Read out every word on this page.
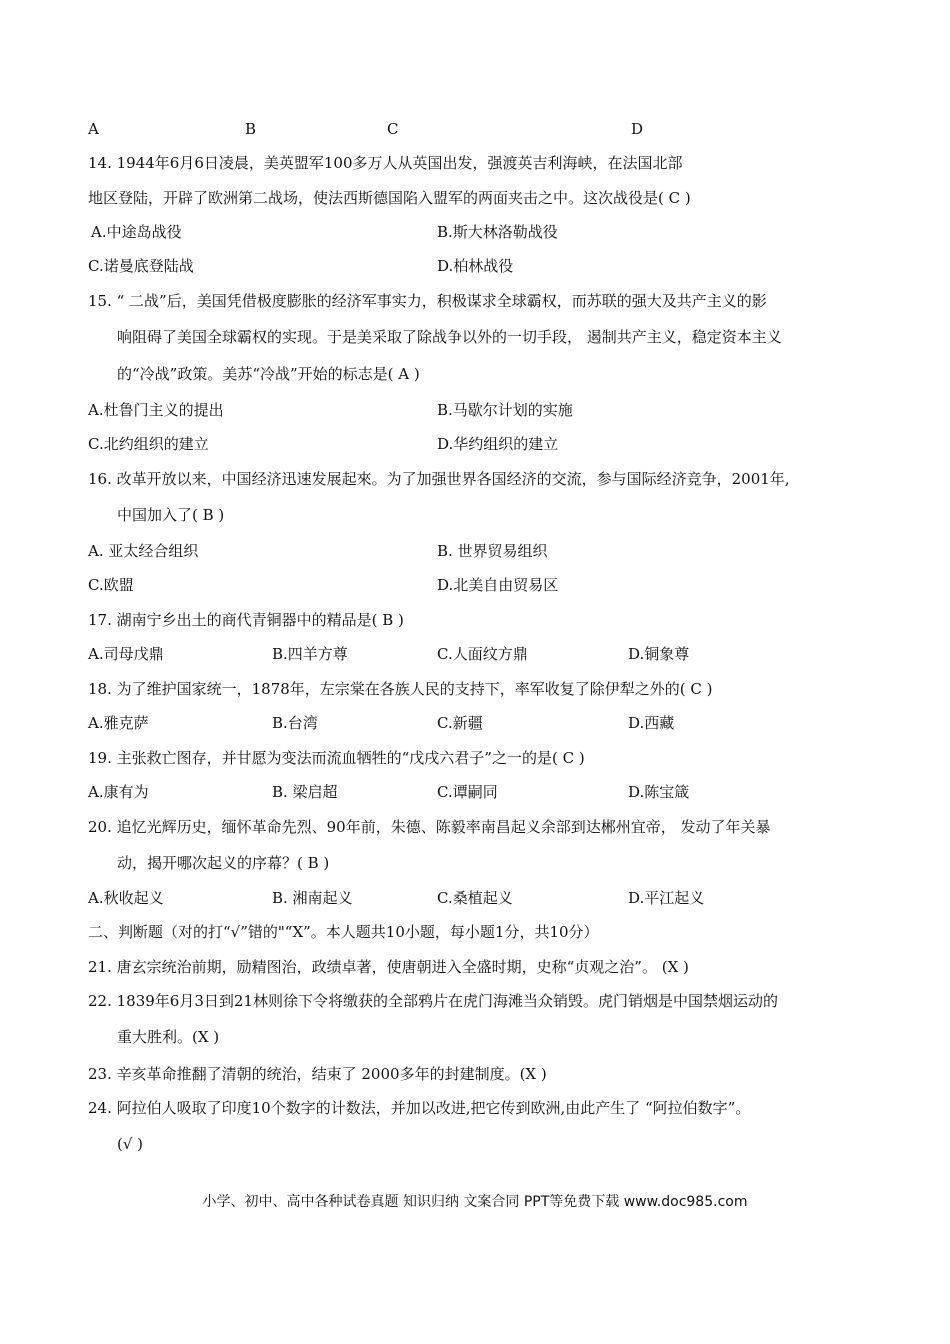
A	B	C	D
14. 1944年6月6日凌晨，美英盟军100多万人从英国出发，强渡英吉利海峡，在法国北部
地区登陆，开辟了欧洲第二战场，使法西斯德国陷入盟军的两面夹击之中。这次战役是( C )
A.中途岛战役	B.斯大林洛勒战役
C.诺曼底登陆战	D.柏林战役
15. “ 二战”后，美国凭借极度膨胀的经济军事实力，积极谋求全球霸权，而苏联的强大及共产主义的影
响阻碍了美国全球霸权的实现。于是美采取了除战争以外的一切手段， 遏制共产主义，稳定资本主义
的“冷战”政策。美苏“冷战”开始的标志是( A )
A.杜鲁门主义的提出	B.马歇尔计划的实施
C.北约组织的建立	D.华约组织的建立
16. 改革开放以来，中国经济迅速发展起來。为了加强世界各国经济的交流，参与国际经济竞争，2001年,
中国加入了( B )
A. 亚太经合组织	B. 世界贸易组织
C.欧盟	D.北美自由贸易区
17. 湖南宁乡出土的商代青铜器中的精品是( B )
A.司母戊鼎	B.四羊方尊	C.人面纹方鼎	D.铜象尊
18. 为了维护国家统一，1878年，左宗棠在各族人民的支持下，率军收复了除伊犁之外的( C )
A.雅克萨	B.台湾	C.新疆	D.西藏
19. 主张救亡图存，并甘愿为变法而流血牺牲的“戊戌六君子”之一的是( C )
A.康有为	B. 梁启超	C.谭嗣同	D.陈宝箴
20. 追忆光辉历史，缅怀革命先烈、90年前，朱德、陈毅率南昌起义余部到达郴州宜帝， 发动了年关暴
动，揭开哪次起义的序幕？( B )
A.秋收起义	B. 湘南起义	C.桑植起义	D.平江起义
二、判断题（对的打“√”错的"“X”。本人题共10小题，每小题1分，共10分）
21. 唐玄宗统治前期，励精图治，政绩卓著，使唐朝进入全盛时期，史称“贞观之治”。 (X )
22. 1839年6月3日到21林则徐下令将缴获的全部鸦片在虎门海滩当众销毁。虎门销烟是中国禁烟运动的
重大胜利。(X )
23. 辛亥革命推翻了清朝的统治，结束了 2000多年的封建制度。(X )
24. 阿拉伯人吸取了印度10个数字的计数法，并加以改进,把它传到欧洲,由此产生了 “阿拉伯数字”。
(√ )
小学、初中、高中各种试卷真题 知识归纳 文案合同 PPT等免费下载 www.doc985.com
